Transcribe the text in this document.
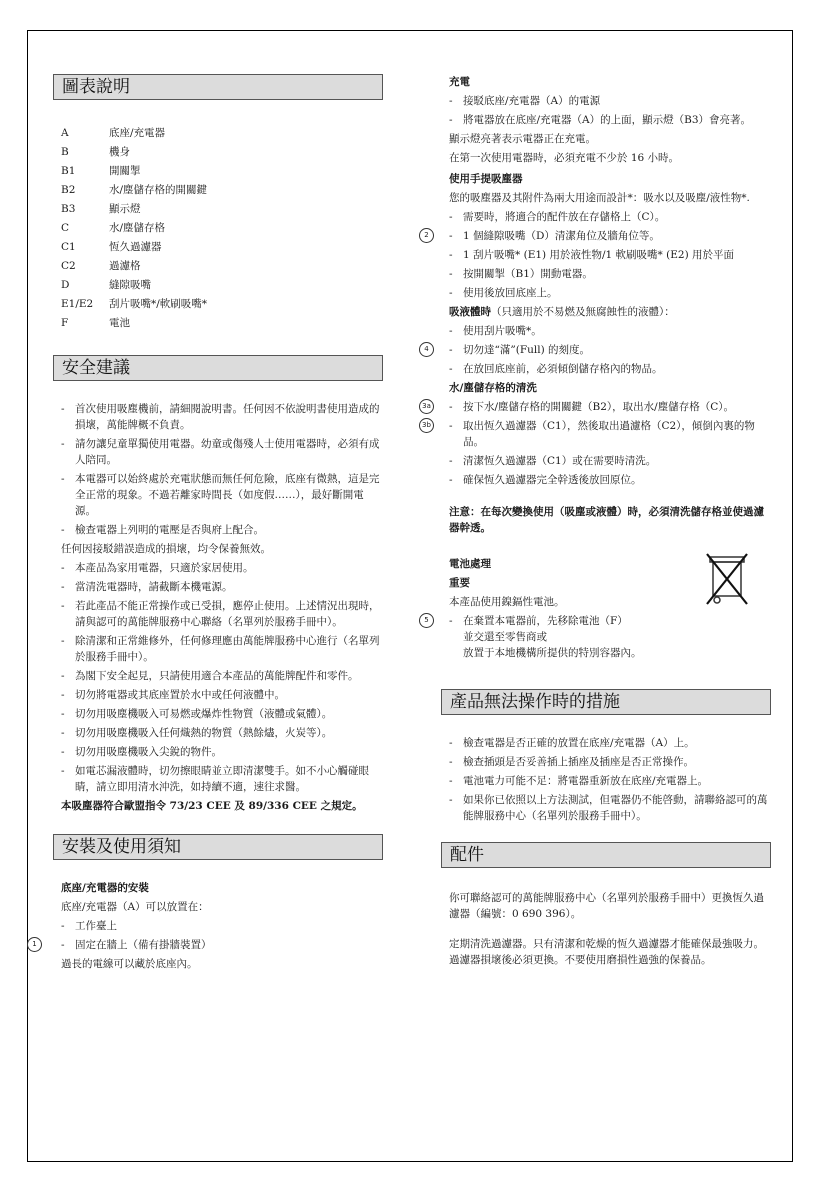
圖表說明
A	底座/充電器
B	機身
B1	開關掣
B2	水/塵儲存格的開關鍵
B3	顯示燈
C	水/塵儲存格
C1	恆久過濾器
C2	過濾格
D	縫隙吸嘴
E1/E2	刮片吸嘴*/軟刷吸嘴*
F	電池
安全建議
- 首次使用吸塵機前，請細閱說明書。任何因不依說明書使用造成的損壞，萬能牌概不負責。
- 請勿讓兒童單獨使用電器。幼童或傷殘人士使用電器時，必須有成人陪同。
- 本電器可以始終處於充電狀態而無任何危險，底座有微熱，這是完全正常的現象。不過若離家時間長（如度假……），最好斷開電源。
- 檢查電器上列明的電壓是否與府上配合。
任何因接駁錯誤造成的損壞，均令保養無效。
- 本產品為家用電器，只適於家居使用。
- 當清洗電器時，請截斷本機電源。
- 若此產品不能正常操作或已受損，應停止使用。上述情況出現時，請與認可的萬能牌服務中心聯絡（名單列於服務手冊中）。
- 除清潔和正常維修外，任何修理應由萬能牌服務中心進行（名單列於服務手冊中）。
- 為閣下安全起見，只請使用適合本產品的萬能牌配件和零件。
- 切勿將電器或其底座置於水中或任何液體中。
- 切勿用吸塵機吸入可易燃或爆炸性物質（液體或氣體）。
- 切勿用吸塵機吸入任何熾熱的物質（熱餘燼，火炭等）。
- 切勿用吸塵機吸入尖銳的物件。
- 如電芯漏液體時，切勿擦眼睛並立即清潔雙手。如不小心觸碰眼睛，請立即用清水沖洗，如持續不適，速往求醫。
本吸塵器符合歐盟指令 73/23 CEE 及 89/336 CEE 之規定。
安裝及使用須知
底座/充電器的安裝
底座/充電器（A）可以放置在：
- 工作臺上
1	- 固定在牆上（備有掛牆裝置）
過長的電線可以藏於底座內。
充電
- 接駁底座/充電器（A）的電源
- 將電器放在底座/充電器（A）的上面，顯示燈（B3）會亮著。
顯示燈亮著表示電器正在充電。
在第一次使用電器時，必須充電不少於 16 小時。
使用手提吸塵器
您的吸塵器及其附件為兩大用途而設計*：吸水以及吸塵/液性物*.
- 需要時，將適合的配件放在存儲格上（C）。
2	- 1 個縫隙吸嘴（D）清潔角位及牆角位等。
- 1 刮片吸嘴* (E1) 用於液性物/1 軟刷吸嘴* (E2) 用於平面
- 按開關掣（B1）開動電器。
- 使用後放回底座上。
吸液體時（只適用於不易燃及無腐蝕性的液體）：
- 使用刮片吸嘴*。
4	- 切勿達“滿”(Full) 的刻度。
- 在放回底座前，必須傾倒儲存格內的物品。
水/塵儲存格的清洗
3a - 按下水/塵儲存格的開關鍵（B2），取出水/塵儲存格（C）。
3b - 取出恆久過濾器（C1），然後取出過濾格（C2），傾倒內裏的物品。
- 清潔恆久過濾器（C1）或在需要時清洗。
- 確保恆久過濾器完全幹透後放回原位。
注意：在每次變換使用（吸塵或液體）時，必須清洗儲存格並使過濾器幹透。
電池處理
重要
本產品使用鎳鎘性電池。
5	- 在棄置本電器前，先移除電池（F）
並交還至零售商或
放置于本地機構所提供的特別容器內。
產品無法操作時的措施
- 檢查電器是否正確的放置在底座/充電器（A）上。
- 檢查插頭是否妥善插上插座及插座是否正常操作。
- 電池電力可能不足：將電器重新放在底座/充電器上。
- 如果你已依照以上方法測試，但電器仍不能啓動，請聯絡認可的萬能牌服務中心（名單列於服務手冊中）。
配件
你可聯絡認可的萬能牌服務中心（名單列於服務手冊中）更換恆久過濾器（編號：0 690 396）。
定期清洗過濾器。只有清潔和乾燥的恆久過濾器才能確保最強吸力。過濾器損壞後必須更換。不要使用磨損性過強的保養品。
